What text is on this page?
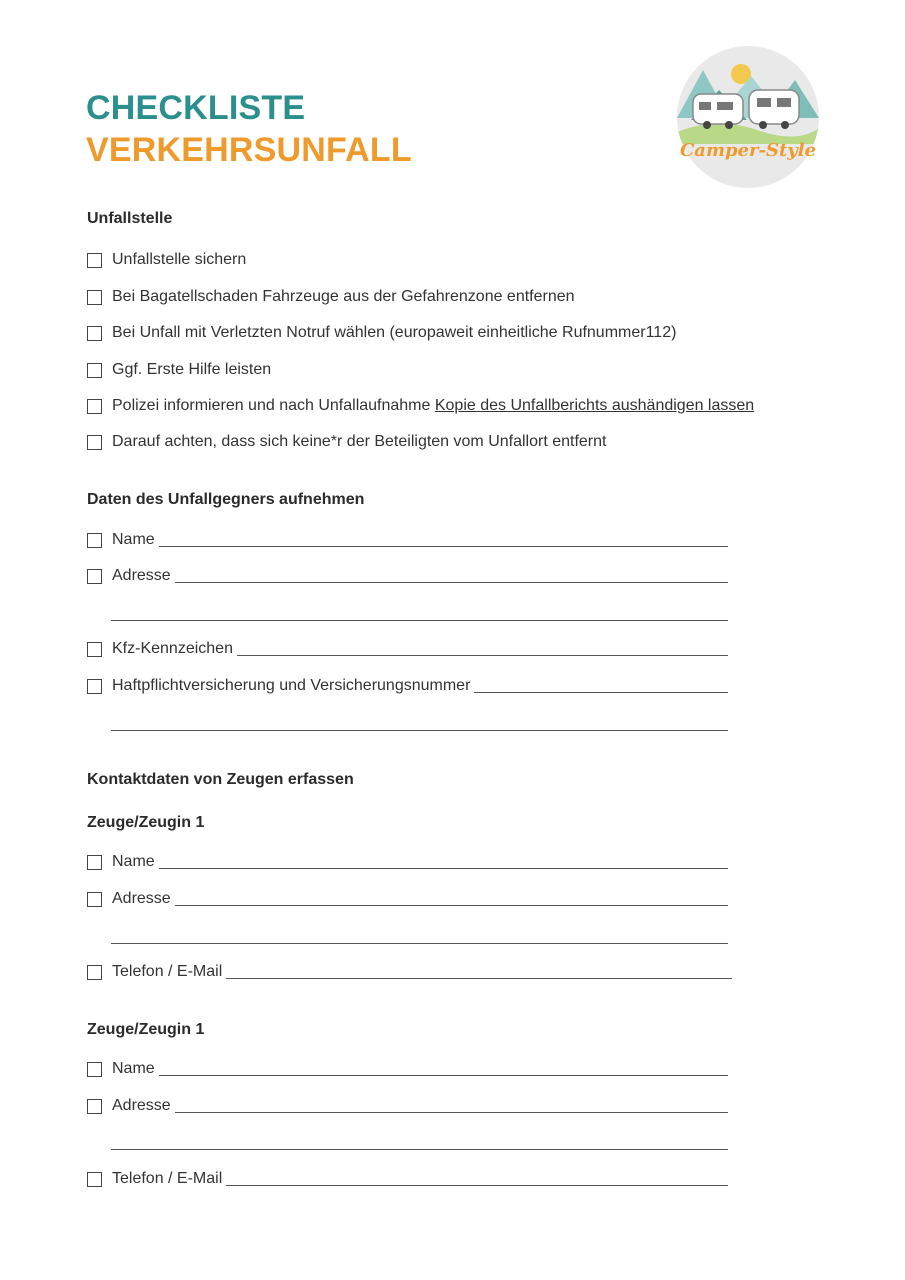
CHECKLISTE
VERKEHRSUNFALL	Camper-Style
Unfallstelle
Unfallstelle sichern
Bei Bagatellschaden Fahrzeuge aus der Gefahrenzone entfernen
Bei Unfall mit Verletzten Notruf wählen (europaweit einheitliche Rufnummer112)
Ggf. Erste Hilfe leisten
Polizei informieren und nach Unfallaufnahme Kopie des Unfallberichts aushändigen lassen
Darauf achten, dass sich keine*r der Beteiligten vom Unfallort entfernt
Daten des Unfallgegners aufnehmen
Name
Adresse
Kfz-Kennzeichen
Haftpflichtversicherung und Versicherungsnummer
Kontaktdaten von Zeugen erfassen
Zeuge/Zeugin 1
Name
Adresse
Telefon / E-Mail
Zeuge/Zeugin 1
Name
Adresse
Telefon / E-Mail
